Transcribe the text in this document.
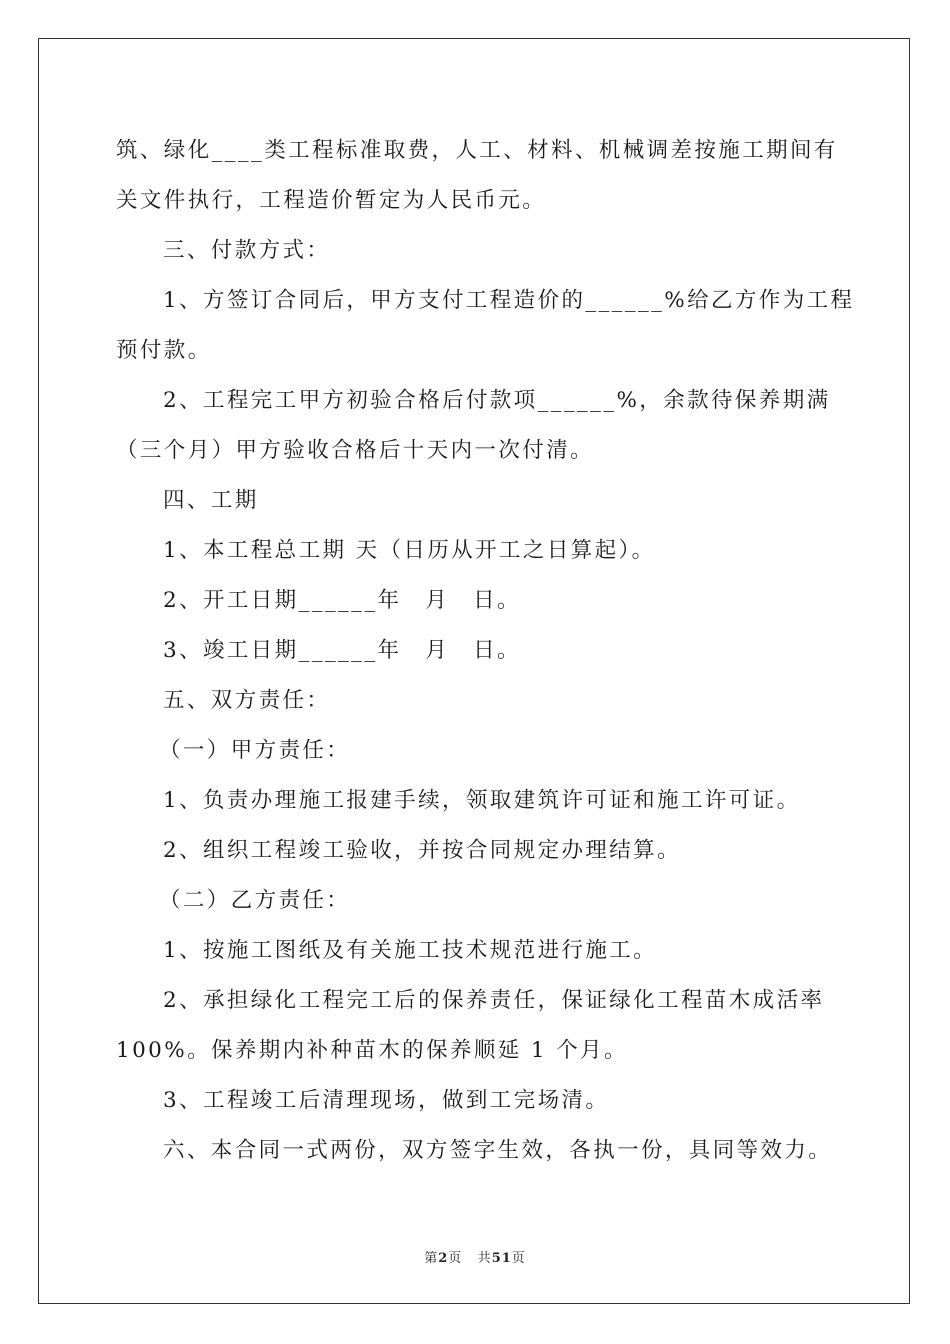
筑、绿化____类工程标准取费，人工、材料、机械调差按施工期间有
关文件执行，工程造价暂定为人民币元。
三、付款方式：
1、方签订合同后，甲方支付工程造价的______%给乙方作为工程
预付款。
2、工程完工甲方初验合格后付款项______%，余款待保养期满
（三个月）甲方验收合格后十天内一次付清。
四、工期
1、本工程总工期 天（日历从开工之日算起）。
2、开工日期______年　月　日。
3、竣工日期______年　月　日。
五、双方责任：
（一）甲方责任：
1、负责办理施工报建手续，领取建筑许可证和施工许可证。
2、组织工程竣工验收，并按合同规定办理结算。
（二）乙方责任：
1、按施工图纸及有关施工技术规范进行施工。
2、承担绿化工程完工后的保养责任，保证绿化工程苗木成活率
100%。保养期内补种苗木的保养顺延 1 个月。
3、工程竣工后清理现场，做到工完场清。
六、本合同一式两份，双方签字生效，各执一份，具同等效力。
第2页 共51页
